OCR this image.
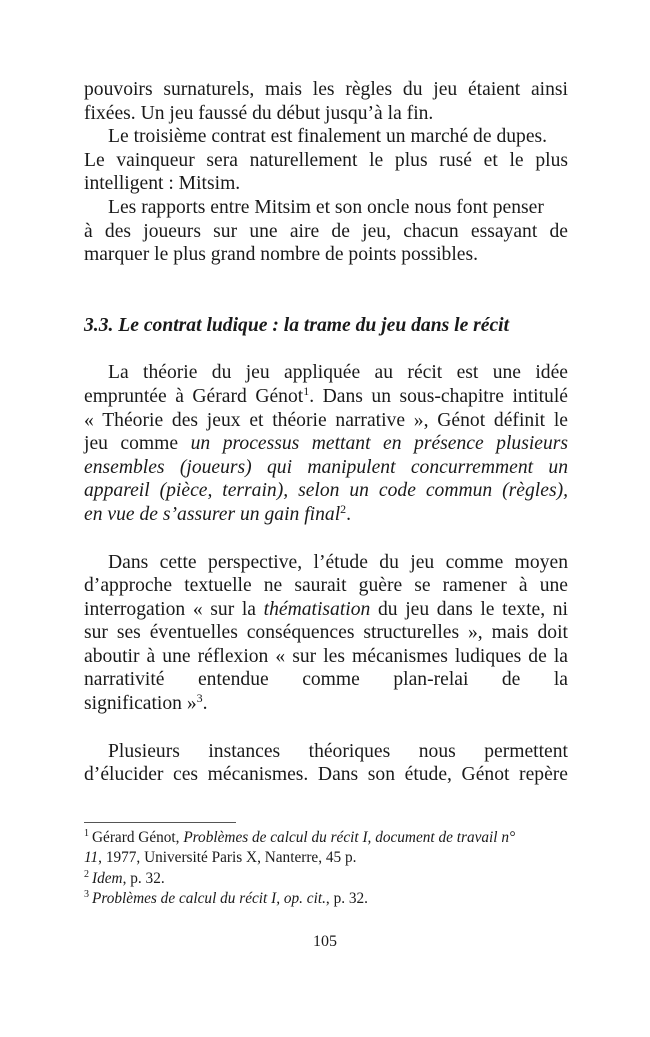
pouvoirs surnaturels, mais les règles du jeu étaient ainsi
fixées. Un jeu faussé du début jusqu’à la fin.
Le troisième contrat est finalement un marché de dupes.
Le vainqueur sera naturellement le plus rusé et le plus
intelligent : Mitsim.
Les rapports entre Mitsim et son oncle nous font penser
à des joueurs sur une aire de jeu, chacun essayant de
marquer le plus grand nombre de points possibles.
3.3. Le contrat ludique : la trame du jeu dans le récit
La théorie du jeu appliquée au récit est une idée
empruntée à Gérard Génot$^1$. Dans un sous-chapitre intitulé
« Théorie des jeux et théorie narrative », Génot définit le
jeu comme un processus mettant en présence plusieurs
ensembles (joueurs) qui manipulent concurremment un
appareil (pièce, terrain), selon un code commun (règles),
en vue de s’assurer un gain final$^2$.
Dans cette perspective, l’étude du jeu comme moyen
d’approche textuelle ne saurait guère se ramener à une
interrogation « sur la thématisation du jeu dans le texte, ni
sur ses éventuelles conséquences structurelles », mais doit
aboutir à une réflexion « sur les mécanismes ludiques de la
narrativité entendue comme plan-relai de la
signification »$^3$.
Plusieurs instances théoriques nous permettent
d’élucider ces mécanismes. Dans son étude, Génot repère

$^1$ Gérard Génot, Problèmes de calcul du récit I, document de travail n°
11, 1977, Université Paris X, Nanterre, 45 p.

$^2$ Idem, p. 32.

$^3$ Problèmes de calcul du récit I, op. cit., p. 32.

105
